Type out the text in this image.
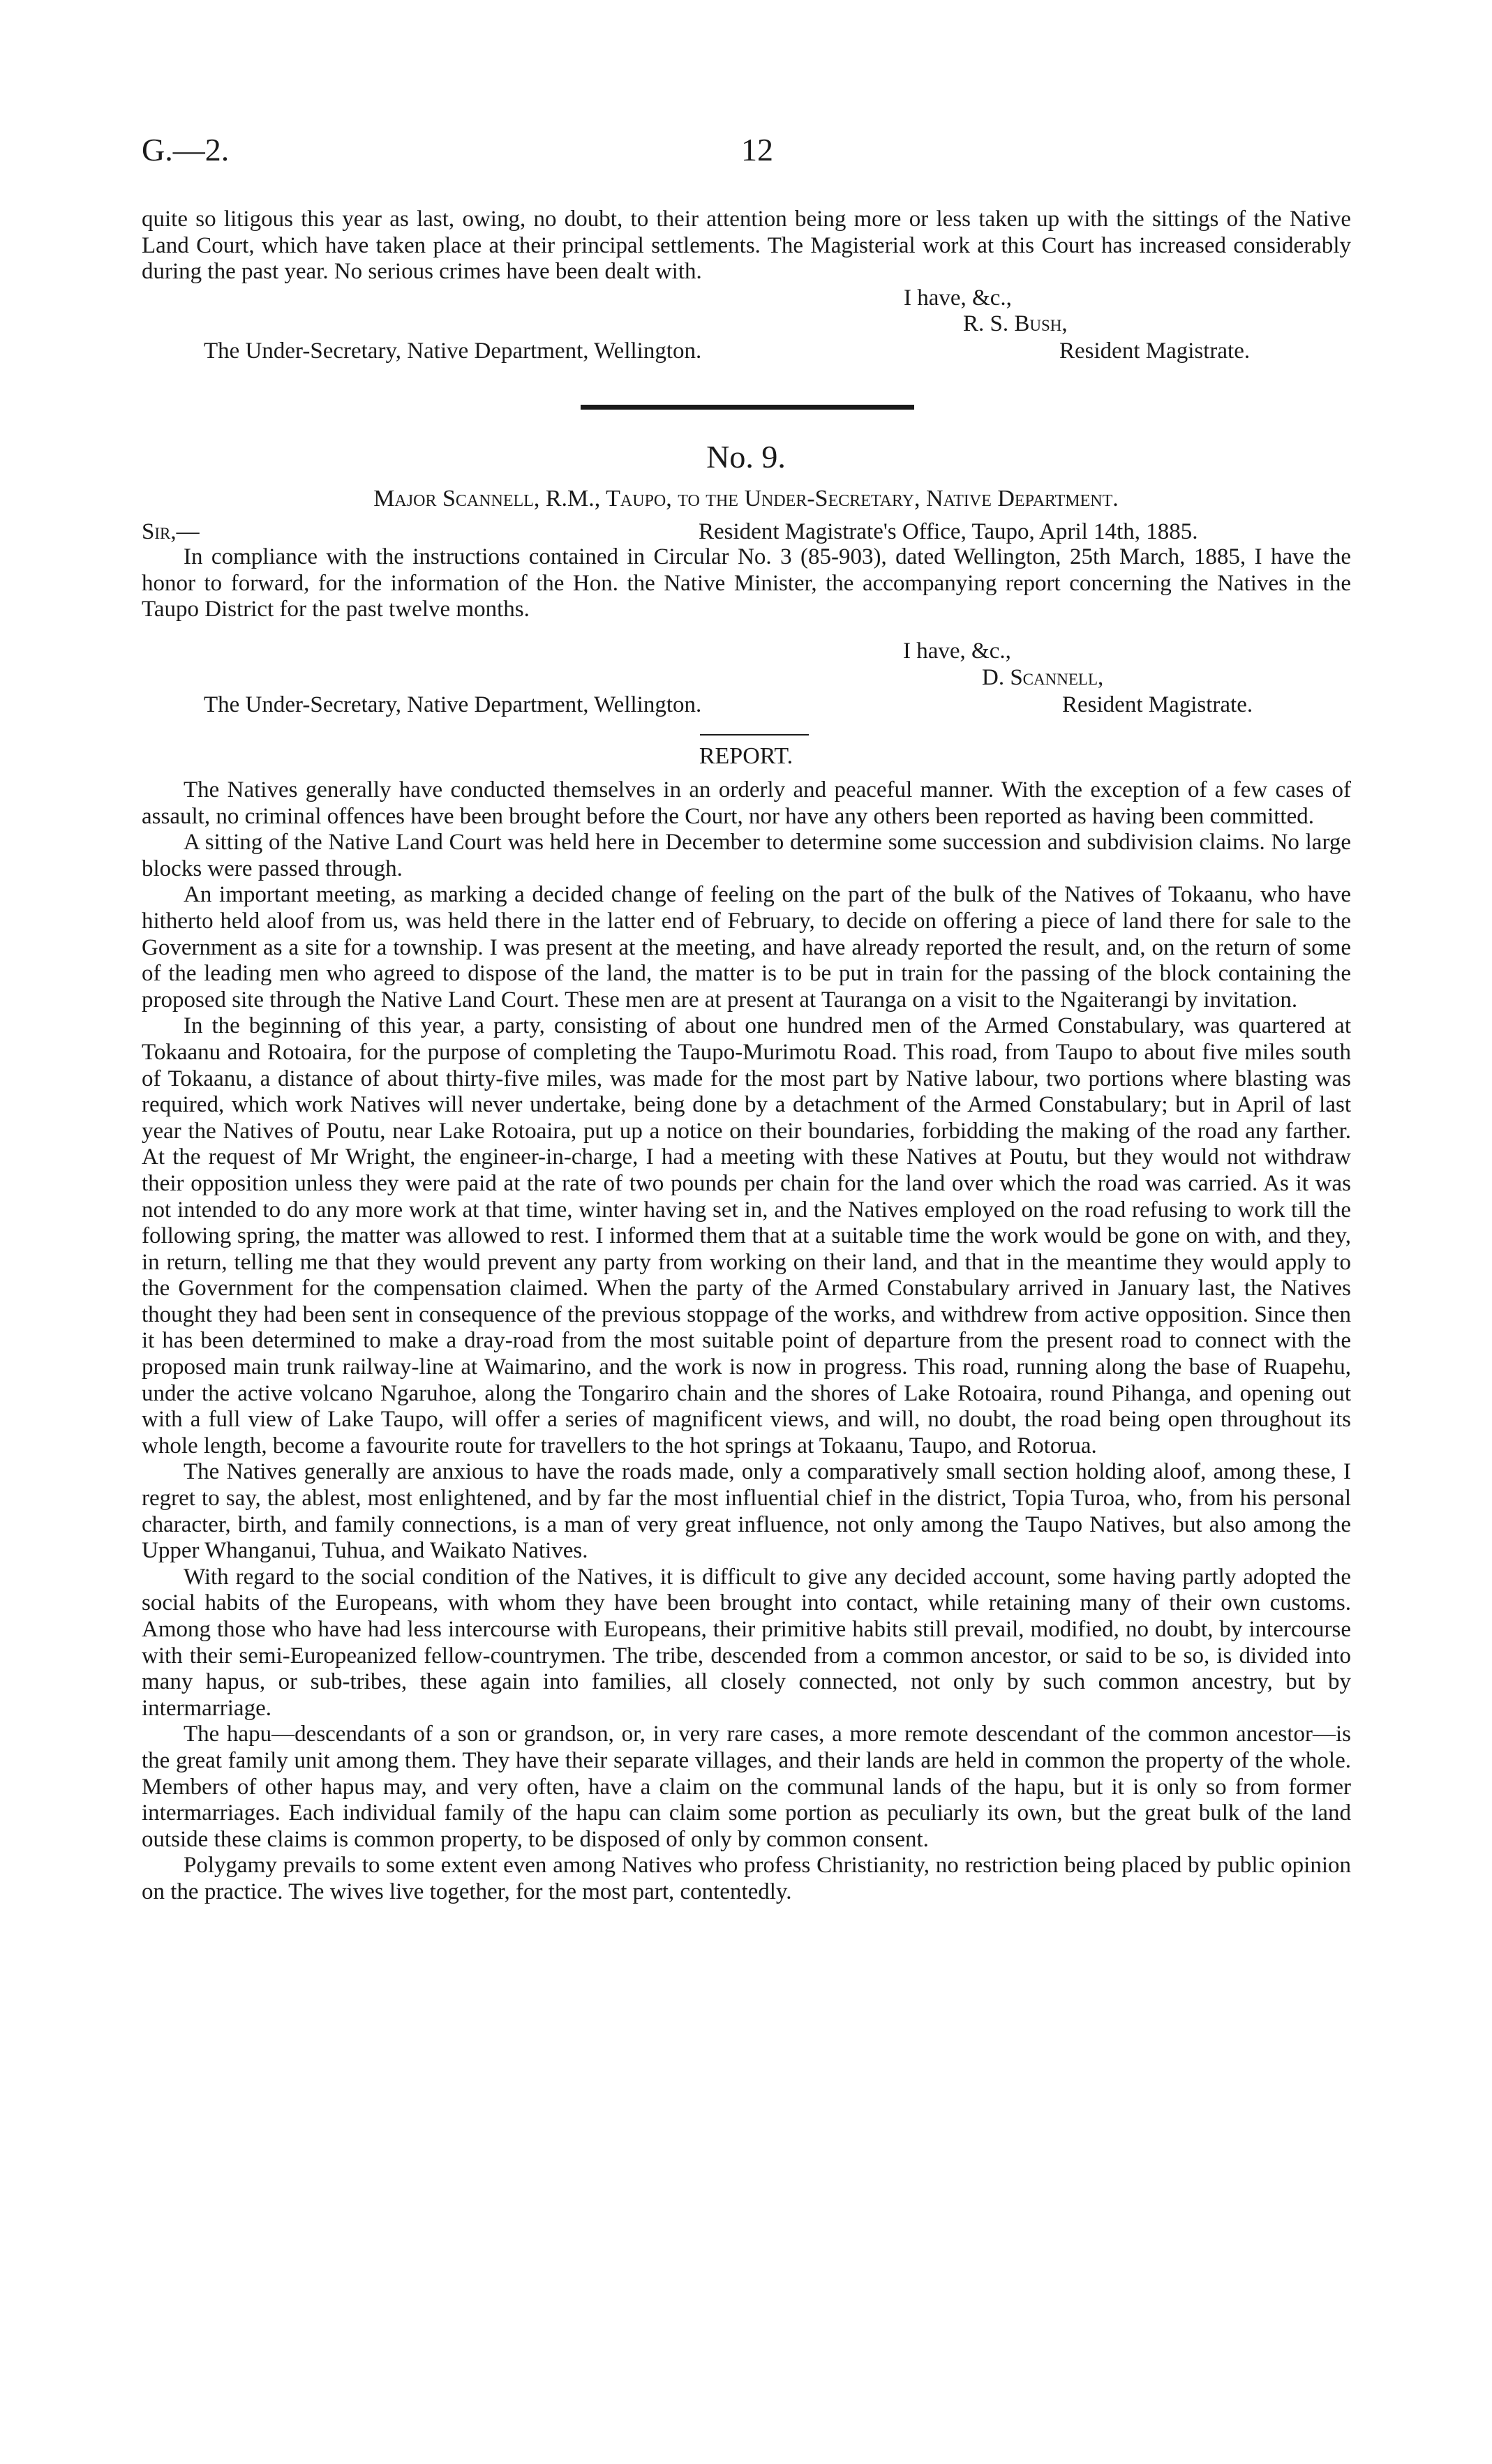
G.—2.	12

quite so litigous this year as last, owing, no doubt, to their attention being more or less taken up with the sittings of the Native Land Court, which have taken place at their principal settlements. The Magisterial work at this Court has increased considerably during the past year. No serious crimes have been dealt with.

I have, &c.,
R. S. Bush,
The Under-Secretary, Native Department, Wellington.	Resident Magistrate.
No. 9.
Major Scannell, R.M., Taupo, to the Under-Secretary, Native Department.
Sir,—	Resident Magistrate's Office, Taupo, April 14th, 1885.

In compliance with the instructions contained in Circular No. 3 (85-903), dated Wellington, 25th March, 1885, I have the honor to forward, for the information of the Hon. the Native Minister, the accompanying report concerning the Natives in the Taupo District for the past twelve months.

I have, &c.,
D. Scannell,
The Under-Secretary, Native Department, Wellington.	Resident Magistrate.
REPORT.

The Natives generally have conducted themselves in an orderly and peaceful manner. With the exception of a few cases of assault, no criminal offences have been brought before the Court, nor have any others been reported as having been committed.

A sitting of the Native Land Court was held here in December to determine some succession and subdivision claims. No large blocks were passed through.

An important meeting, as marking a decided change of feeling on the part of the bulk of the Natives of Tokaanu, who have hitherto held aloof from us, was held there in the latter end of February, to decide on offering a piece of land there for sale to the Government as a site for a township. I was present at the meeting, and have already reported the result, and, on the return of some of the leading men who agreed to dispose of the land, the matter is to be put in train for the passing of the block containing the proposed site through the Native Land Court. These men are at present at Tauranga on a visit to the Ngaiterangi by invitation.

In the beginning of this year, a party, consisting of about one hundred men of the Armed Constabulary, was quartered at Tokaanu and Rotoaira, for the purpose of completing the Taupo-Murimotu Road. This road, from Taupo to about five miles south of Tokaanu, a distance of about thirty-five miles, was made for the most part by Native labour, two portions where blasting was required, which work Natives will never undertake, being done by a detachment of the Armed Constabulary; but in April of last year the Natives of Poutu, near Lake Rotoaira, put up a notice on their boundaries, forbidding the making of the road any farther. At the request of Mr Wright, the engineer-in-charge, I had a meeting with these Natives at Poutu, but they would not withdraw their opposition unless they were paid at the rate of two pounds per chain for the land over which the road was carried. As it was not intended to do any more work at that time, winter having set in, and the Natives employed on the road refusing to work till the following spring, the matter was allowed to rest. I informed them that at a suitable time the work would be gone on with, and they, in return, telling me that they would prevent any party from working on their land, and that in the meantime they would apply to the Government for the compensation claimed. When the party of the Armed Constabulary arrived in January last, the Natives thought they had been sent in consequence of the previous stoppage of the works, and withdrew from active opposition. Since then it has been determined to make a dray-road from the most suitable point of departure from the present road to connect with the proposed main trunk railway-line at Waimarino, and the work is now in progress. This road, running along the base of Ruapehu, under the active volcano Ngaruhoe, along the Tongariro chain and the shores of Lake Rotoaira, round Pihanga, and opening out with a full view of Lake Taupo, will offer a series of magnificent views, and will, no doubt, the road being open throughout its whole length, become a favourite route for travellers to the hot springs at Tokaanu, Taupo, and Rotorua.

The Natives generally are anxious to have the roads made, only a comparatively small section holding aloof, among these, I regret to say, the ablest, most enlightened, and by far the most influential chief in the district, Topia Turoa, who, from his personal character, birth, and family connections, is a man of very great influence, not only among the Taupo Natives, but also among the Upper Whanganui, Tuhua, and Waikato Natives.

With regard to the social condition of the Natives, it is difficult to give any decided account, some having partly adopted the social habits of the Europeans, with whom they have been brought into contact, while retaining many of their own customs. Among those who have had less intercourse with Europeans, their primitive habits still prevail, modified, no doubt, by intercourse with their semi-Europeanized fellow-countrymen. The tribe, descended from a common ancestor, or said to be so, is divided into many hapus, or sub-tribes, these again into families, all closely connected, not only by such common ancestry, but by intermarriage.

The hapu—descendants of a son or grandson, or, in very rare cases, a more remote descendant of the common ancestor—is the great family unit among them. They have their separate villages, and their lands are held in common the property of the whole. Members of other hapus may, and very often, have a claim on the communal lands of the hapu, but it is only so from former intermarriages. Each individual family of the hapu can claim some portion as peculiarly its own, but the great bulk of the land outside these claims is common property, to be disposed of only by common consent.

Polygamy prevails to some extent even among Natives who profess Christianity, no restriction being placed by public opinion on the practice. The wives live together, for the most part, contentedly.
